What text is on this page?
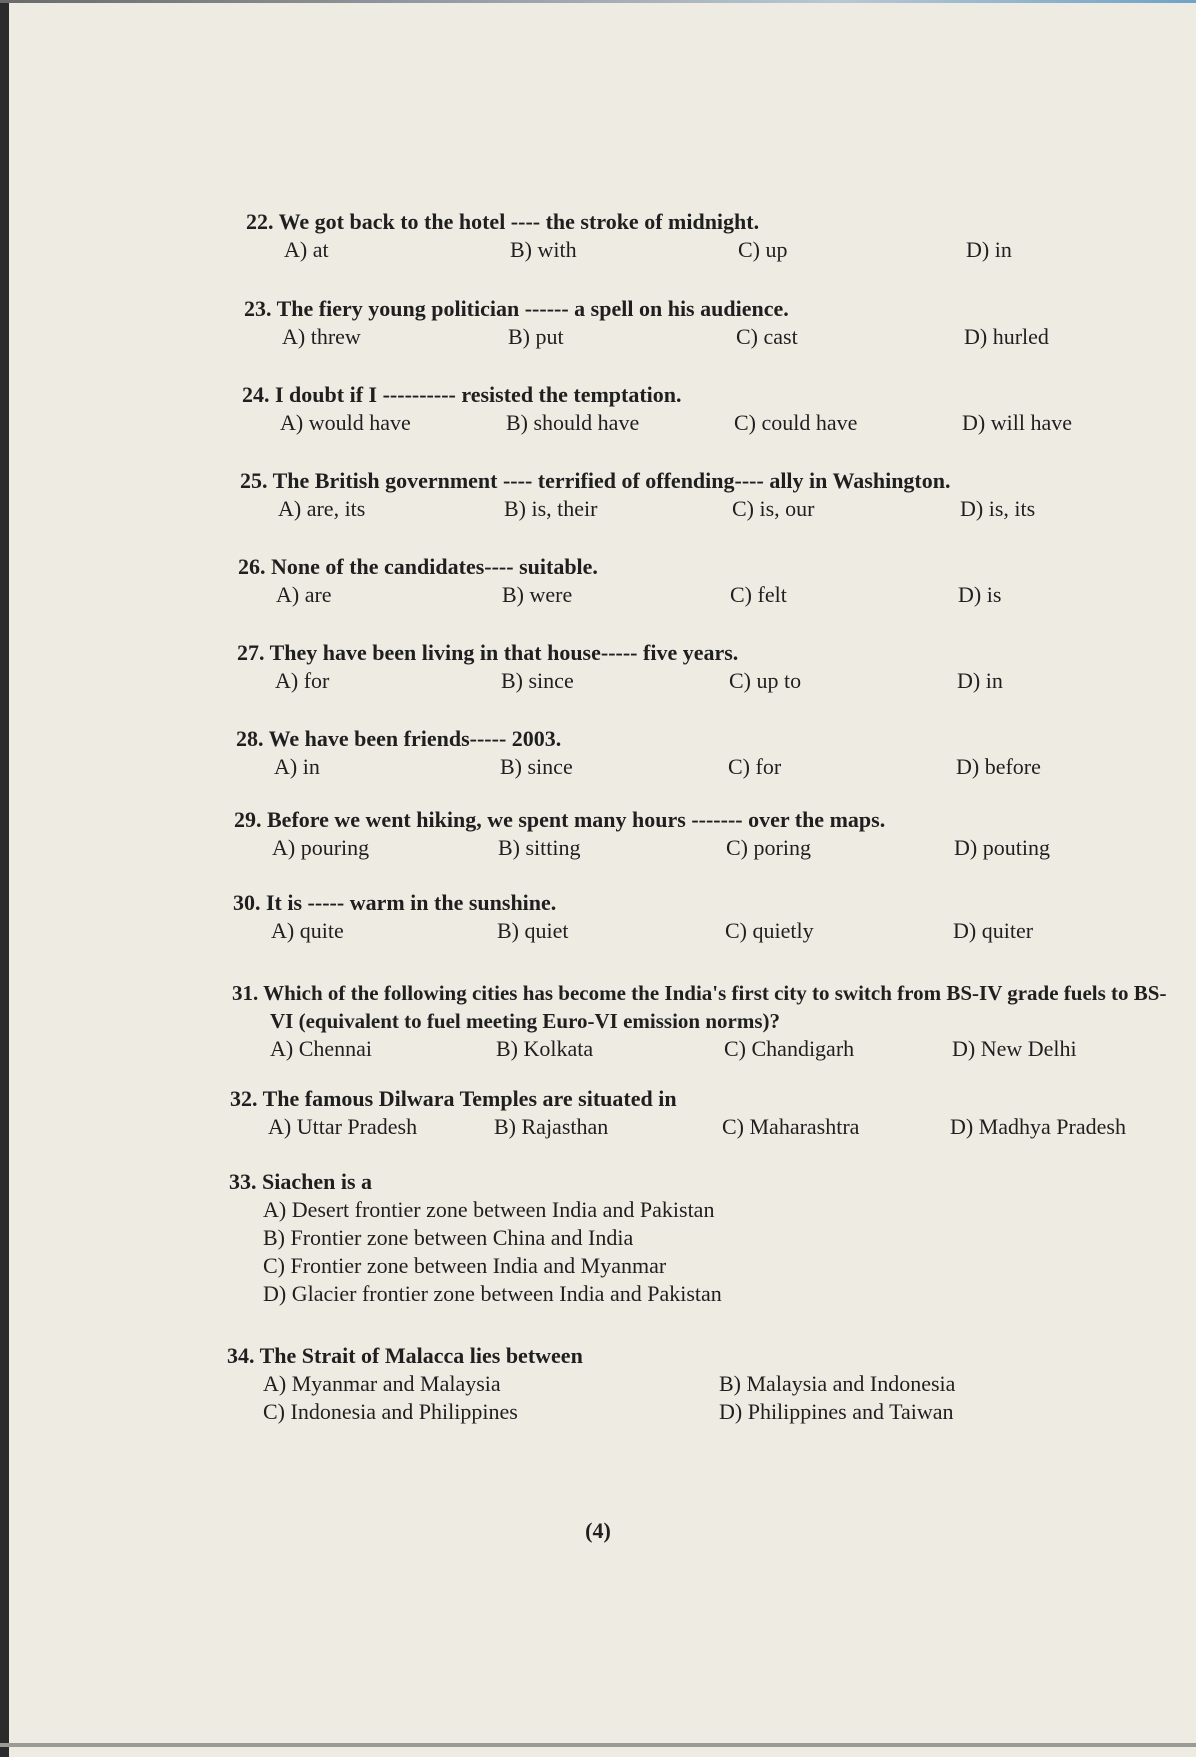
22. We got back to the hotel ---- the stroke of midnight.
A) at	B) with	C) up	D) in
23. The fiery young politician ------ a spell on his audience.
A) threw	B) put	C) cast	D) hurled
24. I doubt if I ---------- resisted the temptation.
A) would have	B) should have	C) could have	D) will have
25. The British government ---- terrified of offending---- ally in Washington.
A) are, its	B) is, their	C) is, our	D) is, its
26. None of the candidates---- suitable.
A) are	B) were	C) felt	D) is
27. They have been living in that house----- five years.
A) for	B) since	C) up to	D) in
28. We have been friends----- 2003.
A) in	B) since	C) for	D) before
29. Before we went hiking, we spent many hours ------- over the maps.
A) pouring	B) sitting	C) poring	D) pouting
30. It is ----- warm in the sunshine.
A) quite	B) quiet	C) quietly	D) quiter
31. Which of the following cities has become the India's first city to switch from BS-IV grade fuels to BS-VI (equivalent to fuel meeting Euro-VI emission norms)?
A) Chennai	B) Kolkata	C) Chandigarh	D) New Delhi
32. The famous Dilwara Temples are situated in
A) Uttar Pradesh	B) Rajasthan	C) Maharashtra	D) Madhya Pradesh
33. Siachen is a
A) Desert frontier zone between India and Pakistan
B) Frontier zone between China and India
C) Frontier zone between India and Myanmar
D) Glacier frontier zone between India and Pakistan
34. The Strait of Malacca lies between
A) Myanmar and Malaysia	B) Malaysia and Indonesia
C) Indonesia and Philippines	D) Philippines and Taiwan
(4)
